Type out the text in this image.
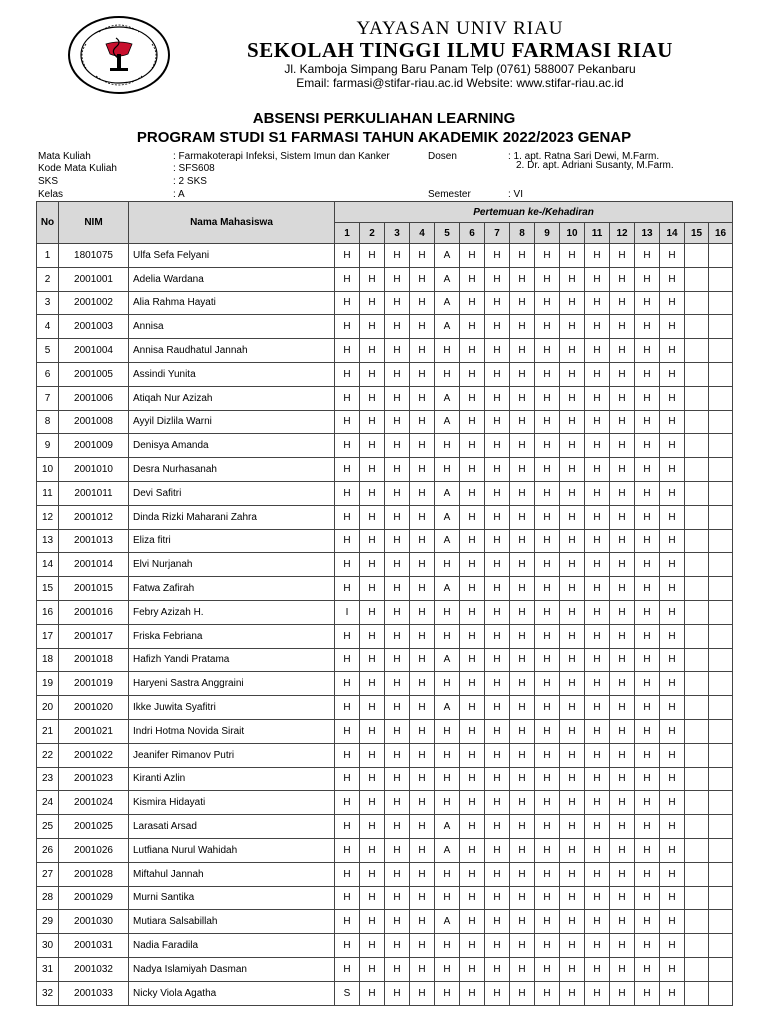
YAYASAN UNIV RIAU
SEKOLAH TINGGI ILMU FARMASI RIAU
Jl. Kamboja Simpang Baru Panam Telp (0761) 588007 Pekanbaru
Email: farmasi@stifar-riau.ac.id Website: www.stifar-riau.ac.id
ABSENSI PERKULIAHAN LEARNING
PROGRAM STUDI S1 FARMASI TAHUN AKADEMIK 2022/2023 GENAP
Mata Kuliah	: Farmakoterapi Infeksi, Sistem Imun dan Kanker
Kode Mata Kuliah	: SFS608
SKS	: 2 SKS
Kelas	: A
Dosen	: 1. apt. Ratna Sari Dewi, M.Farm.
2. Dr. apt. Adriani Susanty, M.Farm.
Semester	: VI
No	NIM	Nama Mahasiswa	Pertemuan ke-/Kehadiran															
			1	2	3	4	5	6	7	8	9	10	11	12	13	14	15	16
1	1801075	Ulfa Sefa Felyani	H	H	H	H	A	H	H	H	H	H	H	H	H	H		
2	2001001	Adelia Wardana	H	H	H	H	A	H	H	H	H	H	H	H	H	H		
3	2001002	Alia Rahma Hayati	H	H	H	H	A	H	H	H	H	H	H	H	H	H		
4	2001003	Annisa	H	H	H	H	A	H	H	H	H	H	H	H	H	H		
5	2001004	Annisa Raudhatul Jannah	H	H	H	H	H	H	H	H	H	H	H	H	H	H		
6	2001005	Assindi Yunita	H	H	H	H	H	H	H	H	H	H	H	H	H	H		
7	2001006	Atiqah Nur Azizah	H	H	H	H	A	H	H	H	H	H	H	H	H	H		
8	2001008	Ayyil Dizlila Warni	H	H	H	H	A	H	H	H	H	H	H	H	H	H		
9	2001009	Denisya Amanda	H	H	H	H	H	H	H	H	H	H	H	H	H	H		
10	2001010	Desra Nurhasanah	H	H	H	H	H	H	H	H	H	H	H	H	H	H		
11	2001011	Devi Safitri	H	H	H	H	A	H	H	H	H	H	H	H	H	H		
12	2001012	Dinda Rizki Maharani Zahra	H	H	H	H	A	H	H	H	H	H	H	H	H	H		
13	2001013	Eliza fitri	H	H	H	H	A	H	H	H	H	H	H	H	H	H		
14	2001014	Elvi Nurjanah	H	H	H	H	H	H	H	H	H	H	H	H	H	H		
15	2001015	Fatwa Zafirah	H	H	H	H	A	H	H	H	H	H	H	H	H	H		
16	2001016	Febry Azizah H.	I	H	H	H	H	H	H	H	H	H	H	H	H	H		
17	2001017	Friska Febriana	H	H	H	H	H	H	H	H	H	H	H	H	H	H		
18	2001018	Hafizh Yandi Pratama	H	H	H	H	A	H	H	H	H	H	H	H	H	H		
19	2001019	Haryeni Sastra Anggraini	H	H	H	H	H	H	H	H	H	H	H	H	H	H		
20	2001020	Ikke Juwita Syafitri	H	H	H	H	A	H	H	H	H	H	H	H	H	H		
21	2001021	Indri Hotma Novida Sirait	H	H	H	H	H	H	H	H	H	H	H	H	H	H		
22	2001022	Jeanifer Rimanov Putri	H	H	H	H	H	H	H	H	H	H	H	H	H	H		
23	2001023	Kiranti Azlin	H	H	H	H	H	H	H	H	H	H	H	H	H	H		
24	2001024	Kismira Hidayati	H	H	H	H	H	H	H	H	H	H	H	H	H	H		
25	2001025	Larasati Arsad	H	H	H	H	A	H	H	H	H	H	H	H	H	H		
26	2001026	Lutfiana Nurul Wahidah	H	H	H	H	A	H	H	H	H	H	H	H	H	H		
27	2001028	Miftahul Jannah	H	H	H	H	H	H	H	H	H	H	H	H	H	H		
28	2001029	Murni Santika	H	H	H	H	H	H	H	H	H	H	H	H	H	H		
29	2001030	Mutiara Salsabillah	H	H	H	H	A	H	H	H	H	H	H	H	H	H		
30	2001031	Nadia Faradila	H	H	H	H	H	H	H	H	H	H	H	H	H	H		
31	2001032	Nadya Islamiyah Dasman	H	H	H	H	H	H	H	H	H	H	H	H	H	H		
32	2001033	Nicky Viola Agatha	S	H	H	H	H	H	H	H	H	H	H	H	H	H		
